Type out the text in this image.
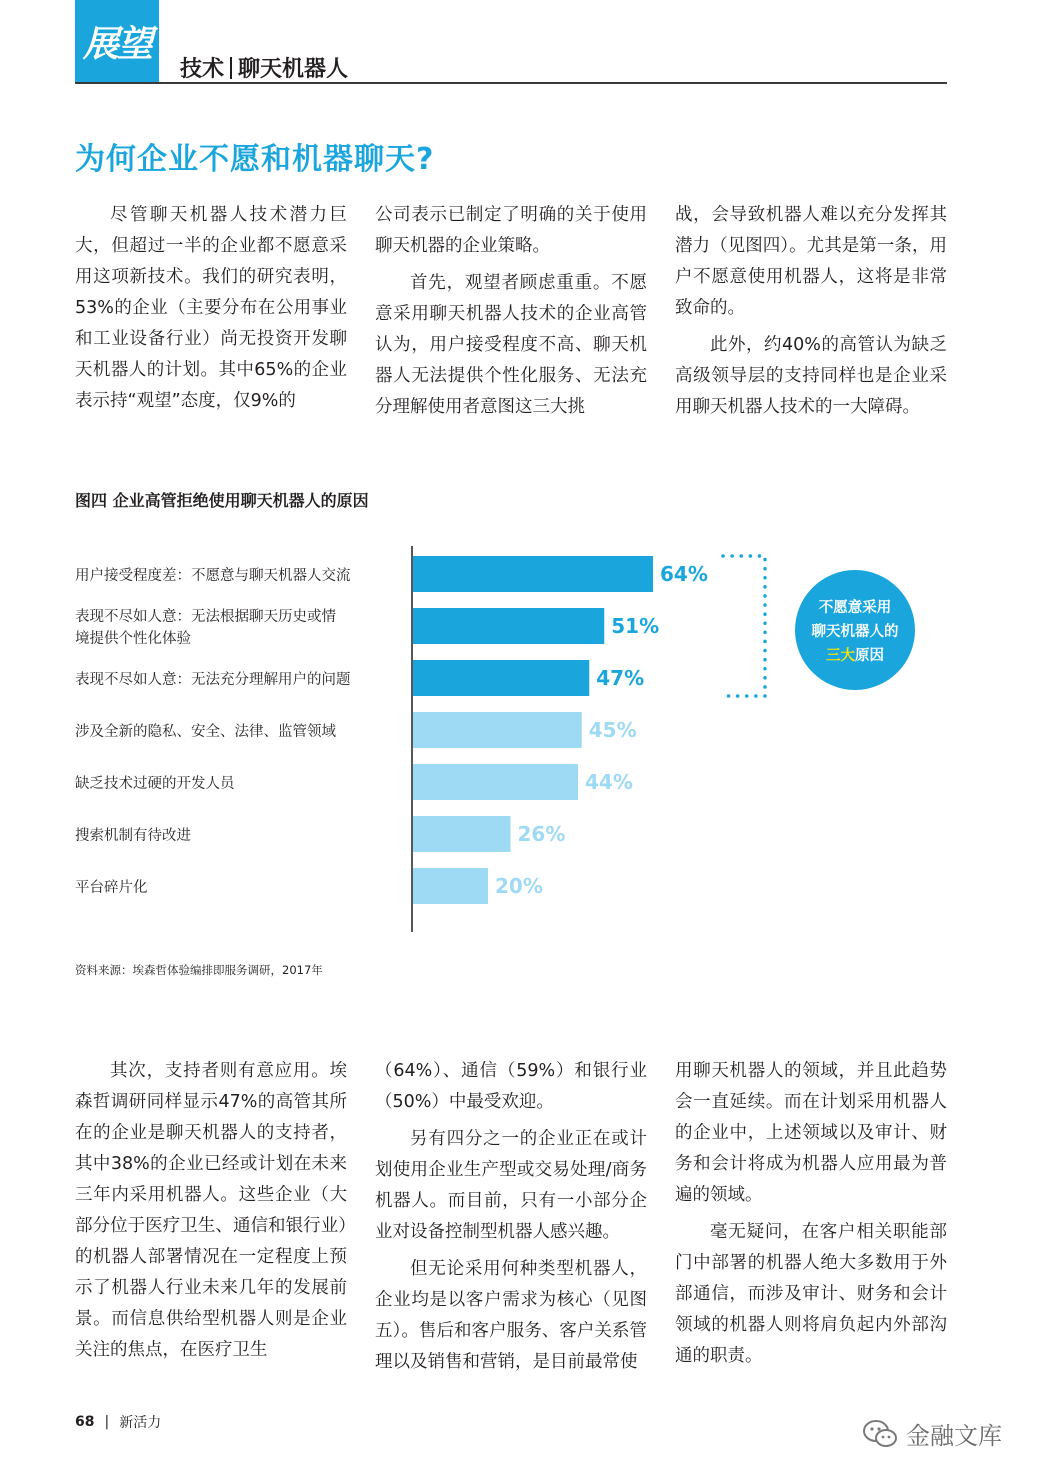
展望
技术 聊天机器人
为何企业不愿和机器聊天?

尽管聊天机器人技术潜力巨大，但超过一半的企业都不愿意采用这项新技术。我们的研究表明，53%的企业（主要分布在公用事业和工业设备行业）尚无投资开发聊天机器人的计划。其中65%的企业表示持“观望”态度，仅9%的

公司表示已制定了明确的关于使用聊天机器的企业策略。

首先，观望者顾虑重重。不愿意采用聊天机器人技术的企业高管认为，用户接受程度不高、聊天机器人无法提供个性化服务、无法充分理解使用者意图这三大挑

战，会导致机器人难以充分发挥其潜力（见图四）。尤其是第一条，用户不愿意使用机器人，这将是非常致命的。

此外，约40%的高管认为缺乏高级领导层的支持同样也是企业采用聊天机器人技术的一大障碍。

图四 企业高管拒绝使用聊天机器人的原因
64%
用户接受程度差：不愿意与聊天机器人交流
51%
表现不尽如人意：无法根据聊天历史或情
境提供个性化体验
47%
表现不尽如人意：无法充分理解用户的问题
45%
涉及全新的隐私、安全、法律、监管领域
44%
缺乏技术过硬的开发人员
26%
搜索机制有待改进
20%
平台碎片化
不愿意采用
聊天机器人的
三大原因
资料来源：埃森哲体验编排即服务调研，2017年

其次，支持者则有意应用。埃森哲调研同样显示47%的高管其所在的企业是聊天机器人的支持者，其中38%的企业已经或计划在未来三年内采用机器人。这些企业（大部分位于医疗卫生、通信和银行业）的机器人部署情况在一定程度上预示了机器人行业未来几年的发展前景。而信息供给型机器人则是企业关注的焦点，在医疗卫生

（64%）、通信（59%）和银行业（50%）中最受欢迎。

另有四分之一的企业正在或计划使用企业生产型或交易处理/商务机器人。而目前，只有一小部分企业对设备控制型机器人感兴趣。

但无论采用何种类型机器人，企业均是以客户需求为核心（见图五）。售后和客户服务、客户关系管理以及销售和营销，是目前最常使

用聊天机器人的领域，并且此趋势会一直延续。而在计划采用机器人的企业中，上述领域以及审计、财务和会计将成为机器人应用最为普遍的领域。

毫无疑问，在客户相关职能部门中部署的机器人绝大多数用于外部通信，而涉及审计、财务和会计领域的机器人则将肩负起内外部沟通的职责。

68 | 新活力	金融文库
